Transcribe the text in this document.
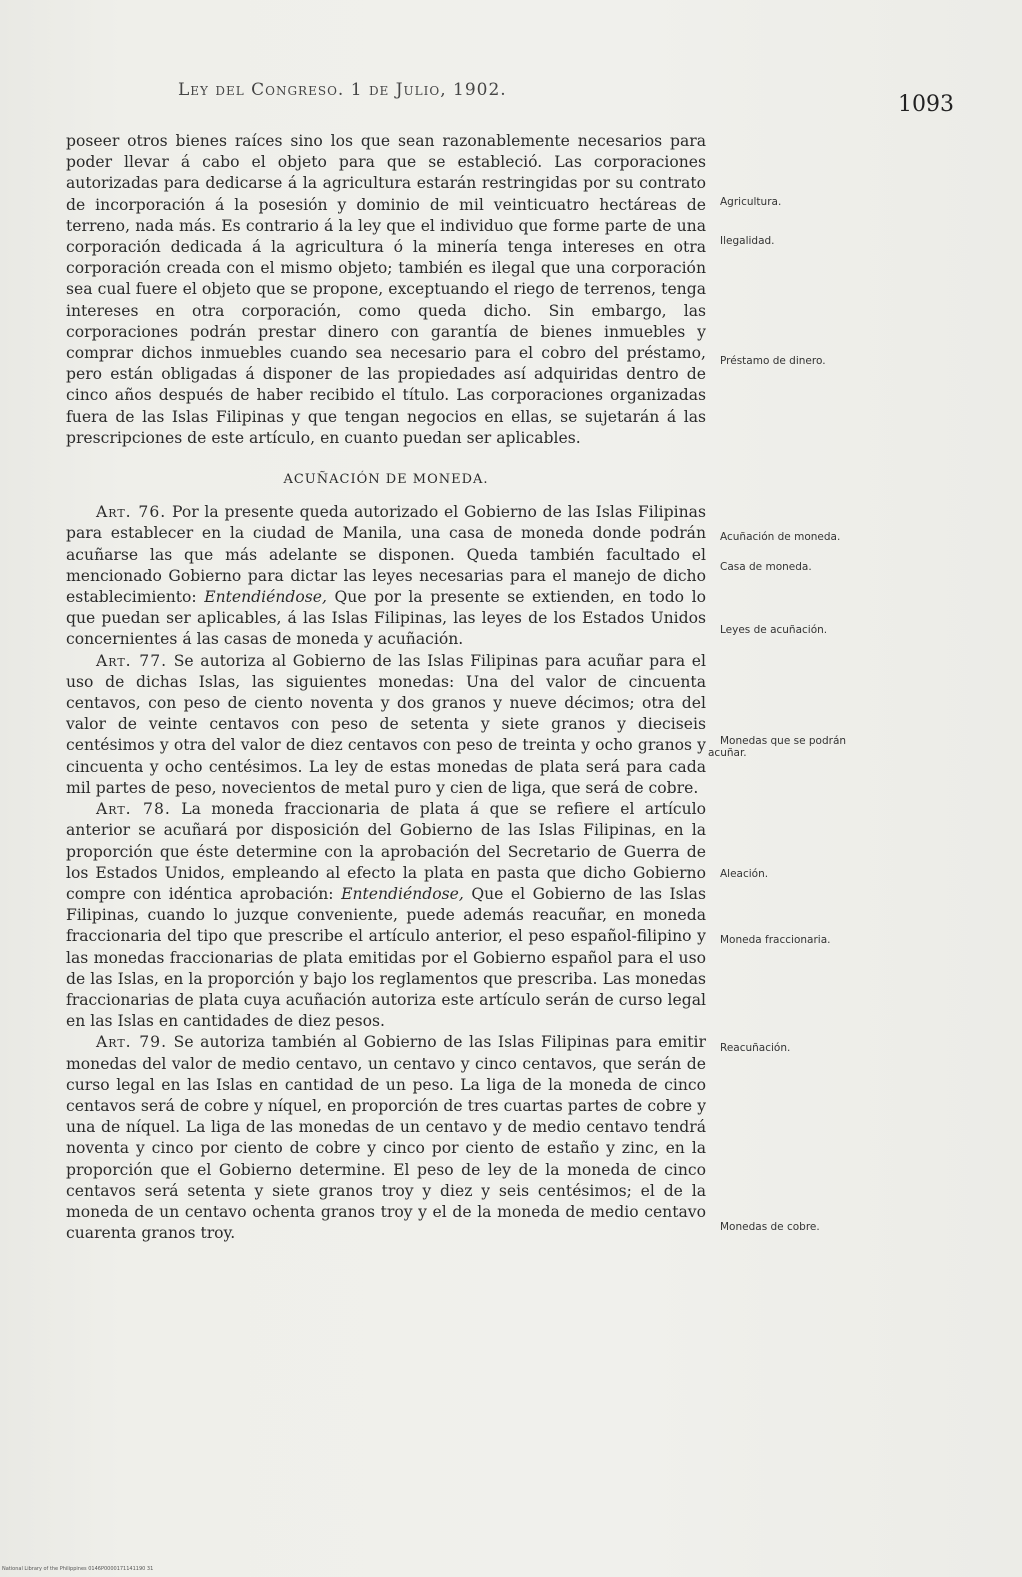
Ley del Congreso. 1 de Julio, 1902.
1093

poseer otros bienes raíces sino los que sean razonablemente necesarios para poder llevar á cabo el objeto para que se estableció. Las corporaciones autorizadas para dedicarse á la agricultura estarán restringidas por su contrato de incorporación á la posesión y dominio de mil veinticuatro hectáreas de terreno, nada más. Es contrario á la ley que el individuo que forme parte de una corporación dedicada á la agricultura ó la minería tenga intereses en otra corporación creada con el mismo objeto; también es ilegal que una corporación sea cual fuere el objeto que se propone, exceptuando el riego de terrenos, tenga intereses en otra corporación, como queda dicho. Sin embargo, las corporaciones podrán prestar dinero con garantía de bienes inmuebles y comprar dichos inmuebles cuando sea necesario para el cobro del préstamo, pero están obligadas á disponer de las propiedades así adquiridas dentro de cinco años después de haber recibido el título. Las corporaciones organizadas fuera de las Islas Filipinas y que tengan negocios en ellas, se sujetarán á las prescripciones de este artículo, en cuanto puedan ser aplicables.

ACUÑACIÓN DE MONEDA.

Art. 76. Por la presente queda autorizado el Gobierno de las Islas Filipinas para establecer en la ciudad de Manila, una casa de moneda donde podrán acuñarse las que más adelante se disponen. Queda también facultado el mencionado Gobierno para dictar las leyes necesarias para el manejo de dicho establecimiento: Entendiéndose, Que por la presente se extienden, en todo lo que puedan ser aplicables, á las Islas Filipinas, las leyes de los Estados Unidos concernientes á las casas de moneda y acuñación.

Art. 77. Se autoriza al Gobierno de las Islas Filipinas para acuñar para el uso de dichas Islas, las siguientes monedas: Una del valor de cincuenta centavos, con peso de ciento noventa y dos granos y nueve décimos; otra del valor de veinte centavos con peso de setenta y siete granos y dieciseis centésimos y otra del valor de diez centavos con peso de treinta y ocho granos y cincuenta y ocho centésimos. La ley de estas monedas de plata será para cada mil partes de peso, novecientos de metal puro y cien de liga, que será de cobre.

Art. 78. La moneda fraccionaria de plata á que se refiere el artículo anterior se acuñará por disposición del Gobierno de las Islas Filipinas, en la proporción que éste determine con la aprobación del Secretario de Guerra de los Estados Unidos, empleando al efecto la plata en pasta que dicho Gobierno compre con idéntica aprobación: Entendiéndose, Que el Gobierno de las Islas Filipinas, cuando lo juzque conveniente, puede además reacuñar, en moneda fraccionaria del tipo que prescribe el artículo anterior, el peso español-filipino y las monedas fraccionarias de plata emitidas por el Gobierno español para el uso de las Islas, en la proporción y bajo los reglamentos que prescriba. Las monedas fraccionarias de plata cuya acuñación autoriza este artículo serán de curso legal en las Islas en cantidades de diez pesos.

Art. 79. Se autoriza también al Gobierno de las Islas Filipinas para emitir monedas del valor de medio centavo, un centavo y cinco centavos, que serán de curso legal en las Islas en cantidad de un peso. La liga de la moneda de cinco centavos será de cobre y níquel, en proporción de tres cuartas partes de cobre y una de níquel. La liga de las monedas de un centavo y de medio centavo tendrá noventa y cinco por ciento de cobre y cinco por ciento de estaño y zinc, en la proporción que el Gobierno determine. El peso de ley de la moneda de cinco centavos será setenta y siete granos troy y diez y seis centésimos; el de la moneda de un centavo ochenta granos troy y el de la moneda de medio centavo cuarenta granos troy.

Agricultura.
Ilegalidad.
Préstamo de dinero.
Acuñación de moneda.
Casa de moneda.
Leyes de acuñación.
Monedas que se podrán acuñar.
Aleación.
Moneda fraccionaria.
Reacuñación.
Monedas de cobre.
National Library of the Philippines 0146P0000171141190 31
